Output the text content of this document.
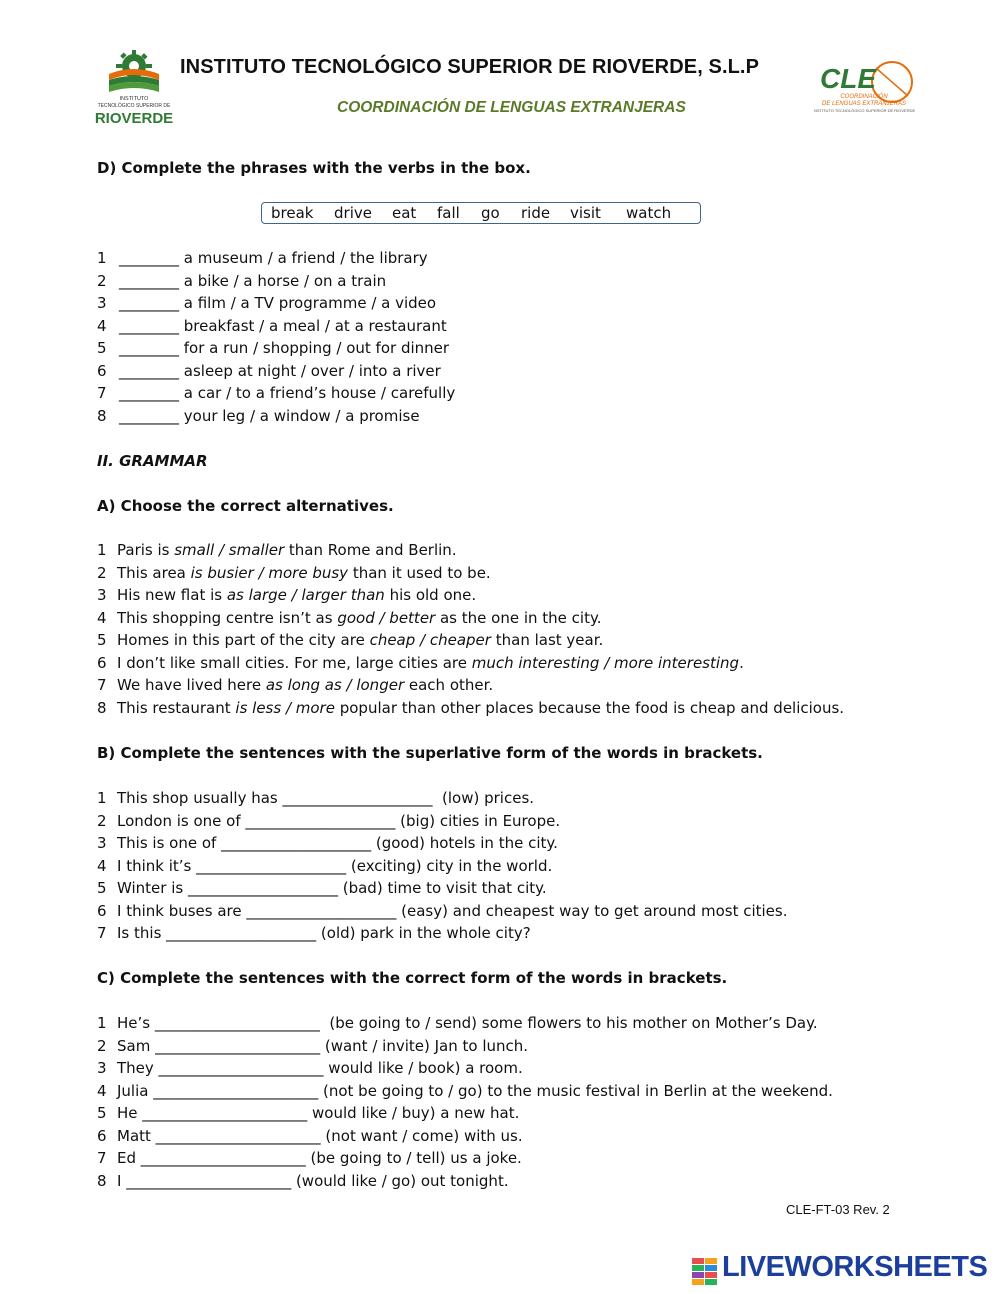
INSTITUTO
TECNOLÓGICO SUPERIOR DE
RIOVERDE
INSTITUTO TECNOLÓGICO SUPERIOR DE RIOVERDE, S.L.P
COORDINACIÓN DE LENGUAS EXTRANJERAS
CLE
COORDINACIÓN
DE LENGUAS EXTRANJERAS
INSTITUTO TECNOLÓGICO SUPERIOR DE RIOVERDE
D) Complete the phrases with the verbs in the box.
break drive eat fall go ride visit watch
1 ________ a museum / a friend / the library
2 ________ a bike / a horse / on a train
3 ________ a film / a TV programme / a video
4 ________ breakfast / a meal / at a restaurant
5 ________ for a run / shopping / out for dinner
6 ________ asleep at night / over / into a river
7 ________ a car / to a friend’s house / carefully
8 ________ your leg / a window / a promise
II. GRAMMAR
A) Choose the correct alternatives.
1 Paris is small / smaller than Rome and Berlin.
2 This area is busier / more busy than it used to be.
3 His new flat is as large / larger than his old one.
4 This shopping centre isn’t as good / better as the one in the city.
5 Homes in this part of the city are cheap / cheaper than last year.
6 I don’t like small cities. For me, large cities are much interesting / more interesting.
7 We have lived here as long as / longer each other.
8 This restaurant is less / more popular than other places because the food is cheap and delicious.
B) Complete the sentences with the superlative form of the words in brackets.
1 This shop usually has ____________________  (low) prices.
2 London is one of ____________________ (big) cities in Europe.
3 This is one of ____________________ (good) hotels in the city.
4 I think it’s ____________________ (exciting) city in the world.
5 Winter is ____________________ (bad) time to visit that city.
6 I think buses are ____________________ (easy) and cheapest way to get around most cities.
7 Is this ____________________ (old) park in the whole city?
C) Complete the sentences with the correct form of the words in brackets.
1 He’s ______________________  (be going to / send) some flowers to his mother on Mother’s Day.
2 Sam ______________________ (want / invite) Jan to lunch.
3 They ______________________ would like / book) a room.
4 Julia ______________________ (not be going to / go) to the music festival in Berlin at the weekend.
5 He ______________________ would like / buy) a new hat.
6 Matt ______________________ (not want / come) with us.
7 Ed ______________________ (be going to / tell) us a joke.
8 I ______________________ (would like / go) out tonight.
CLE-FT-03 Rev. 2
LIVEWORKSHEETS
